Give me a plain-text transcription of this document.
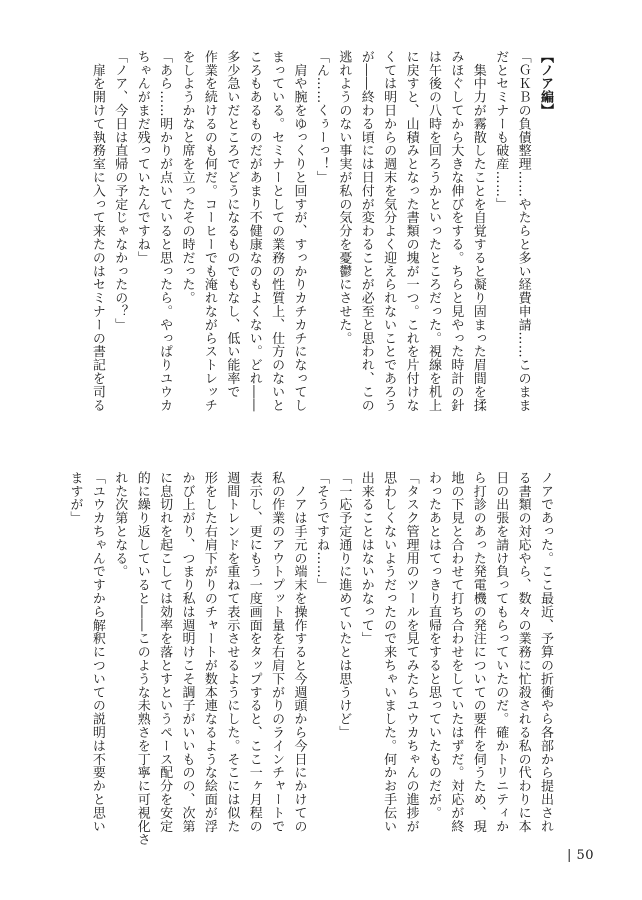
【ノア編】
「ＧＫＢの負債整理……やたらと多い経費申請……このまま
だとセミナーも破産……」
　集中力が霧散したことを自覚すると凝り固まった眉間を揉
みほぐしてから大きな伸びをする。ちらと見やった時計の針
は午後の八時を回ろうかといったところだった。視線を机上
に戻すと、山積みとなった書類の塊が一つ。これを片付けな
くては明日からの週末を気分よく迎えられないことであろう
が――終わる頃には日付が変わることが必至と思われ、この
逃れようのない事実が私の気分を憂鬱にさせた。
「ん……くぅーっ！」
　肩や腕をゆっくりと回すが、すっかりカチカチになってし
まっている。セミナーとしての業務の性質上、仕方のないと
ころもあるものだがあまり不健康なのもよくない。どれ――
多少急いだところでどうになるものでもなし、低い能率で
作業を続けるのも何だ。コーヒーでも淹れながらストレッチ
をしようかなと席を立ったその時だった。
「あら……明かりが点いていると思ったら。やっぱりユウカ
ちゃんがまだ残っていたんですね」
「ノア、今日は直帰の予定じゃなかったの？」
　扉を開けて執務室に入って来たのはセミナーの書記を司る
ノアであった。ここ最近、予算の折衝やら各部から提出され
る書類の対応やら、数々の業務に忙殺される私の代わりに本
日の出張を請け負ってもらっていたのだ。確かトリニティか
ら打診のあった発電機の発注についての要件を伺うため、現
地の下見と合わせて打ち合わせをしていたはずだ。対応が終
わったあとはてっきり直帰をすると思っていたものだが。
「タスク管理用のツールを見てみたらユウカちゃんの進捗が
思わしくないようだったので来ちゃいました。何かお手伝い
出来ることはないかなって」
「一応予定通りに進めていたとは思うけど」
「そうですね……」
　ノアは手元の端末を操作すると今週頭から今日にかけての
私の作業のアウトプット量を右肩下がりのラインチャートで
表示し、更にもう一度画面をタップすると、ここ一ヶ月程の
週間トレンドを重ねて表示させるようにした。そこには似た
形をした右肩下がりのチャートが数本連なるような絵面が浮
かび上がり、つまり私は週明けこそ調子がいいものの、次第
に息切れを起こしては効率を落とすというペース配分を安定
的に繰り返していると――このような未熟さを丁寧に可視化さ
れた次第となる。
「ユウカちゃんですから解釈についての説明は不要かと思い
ますが」
| 50
